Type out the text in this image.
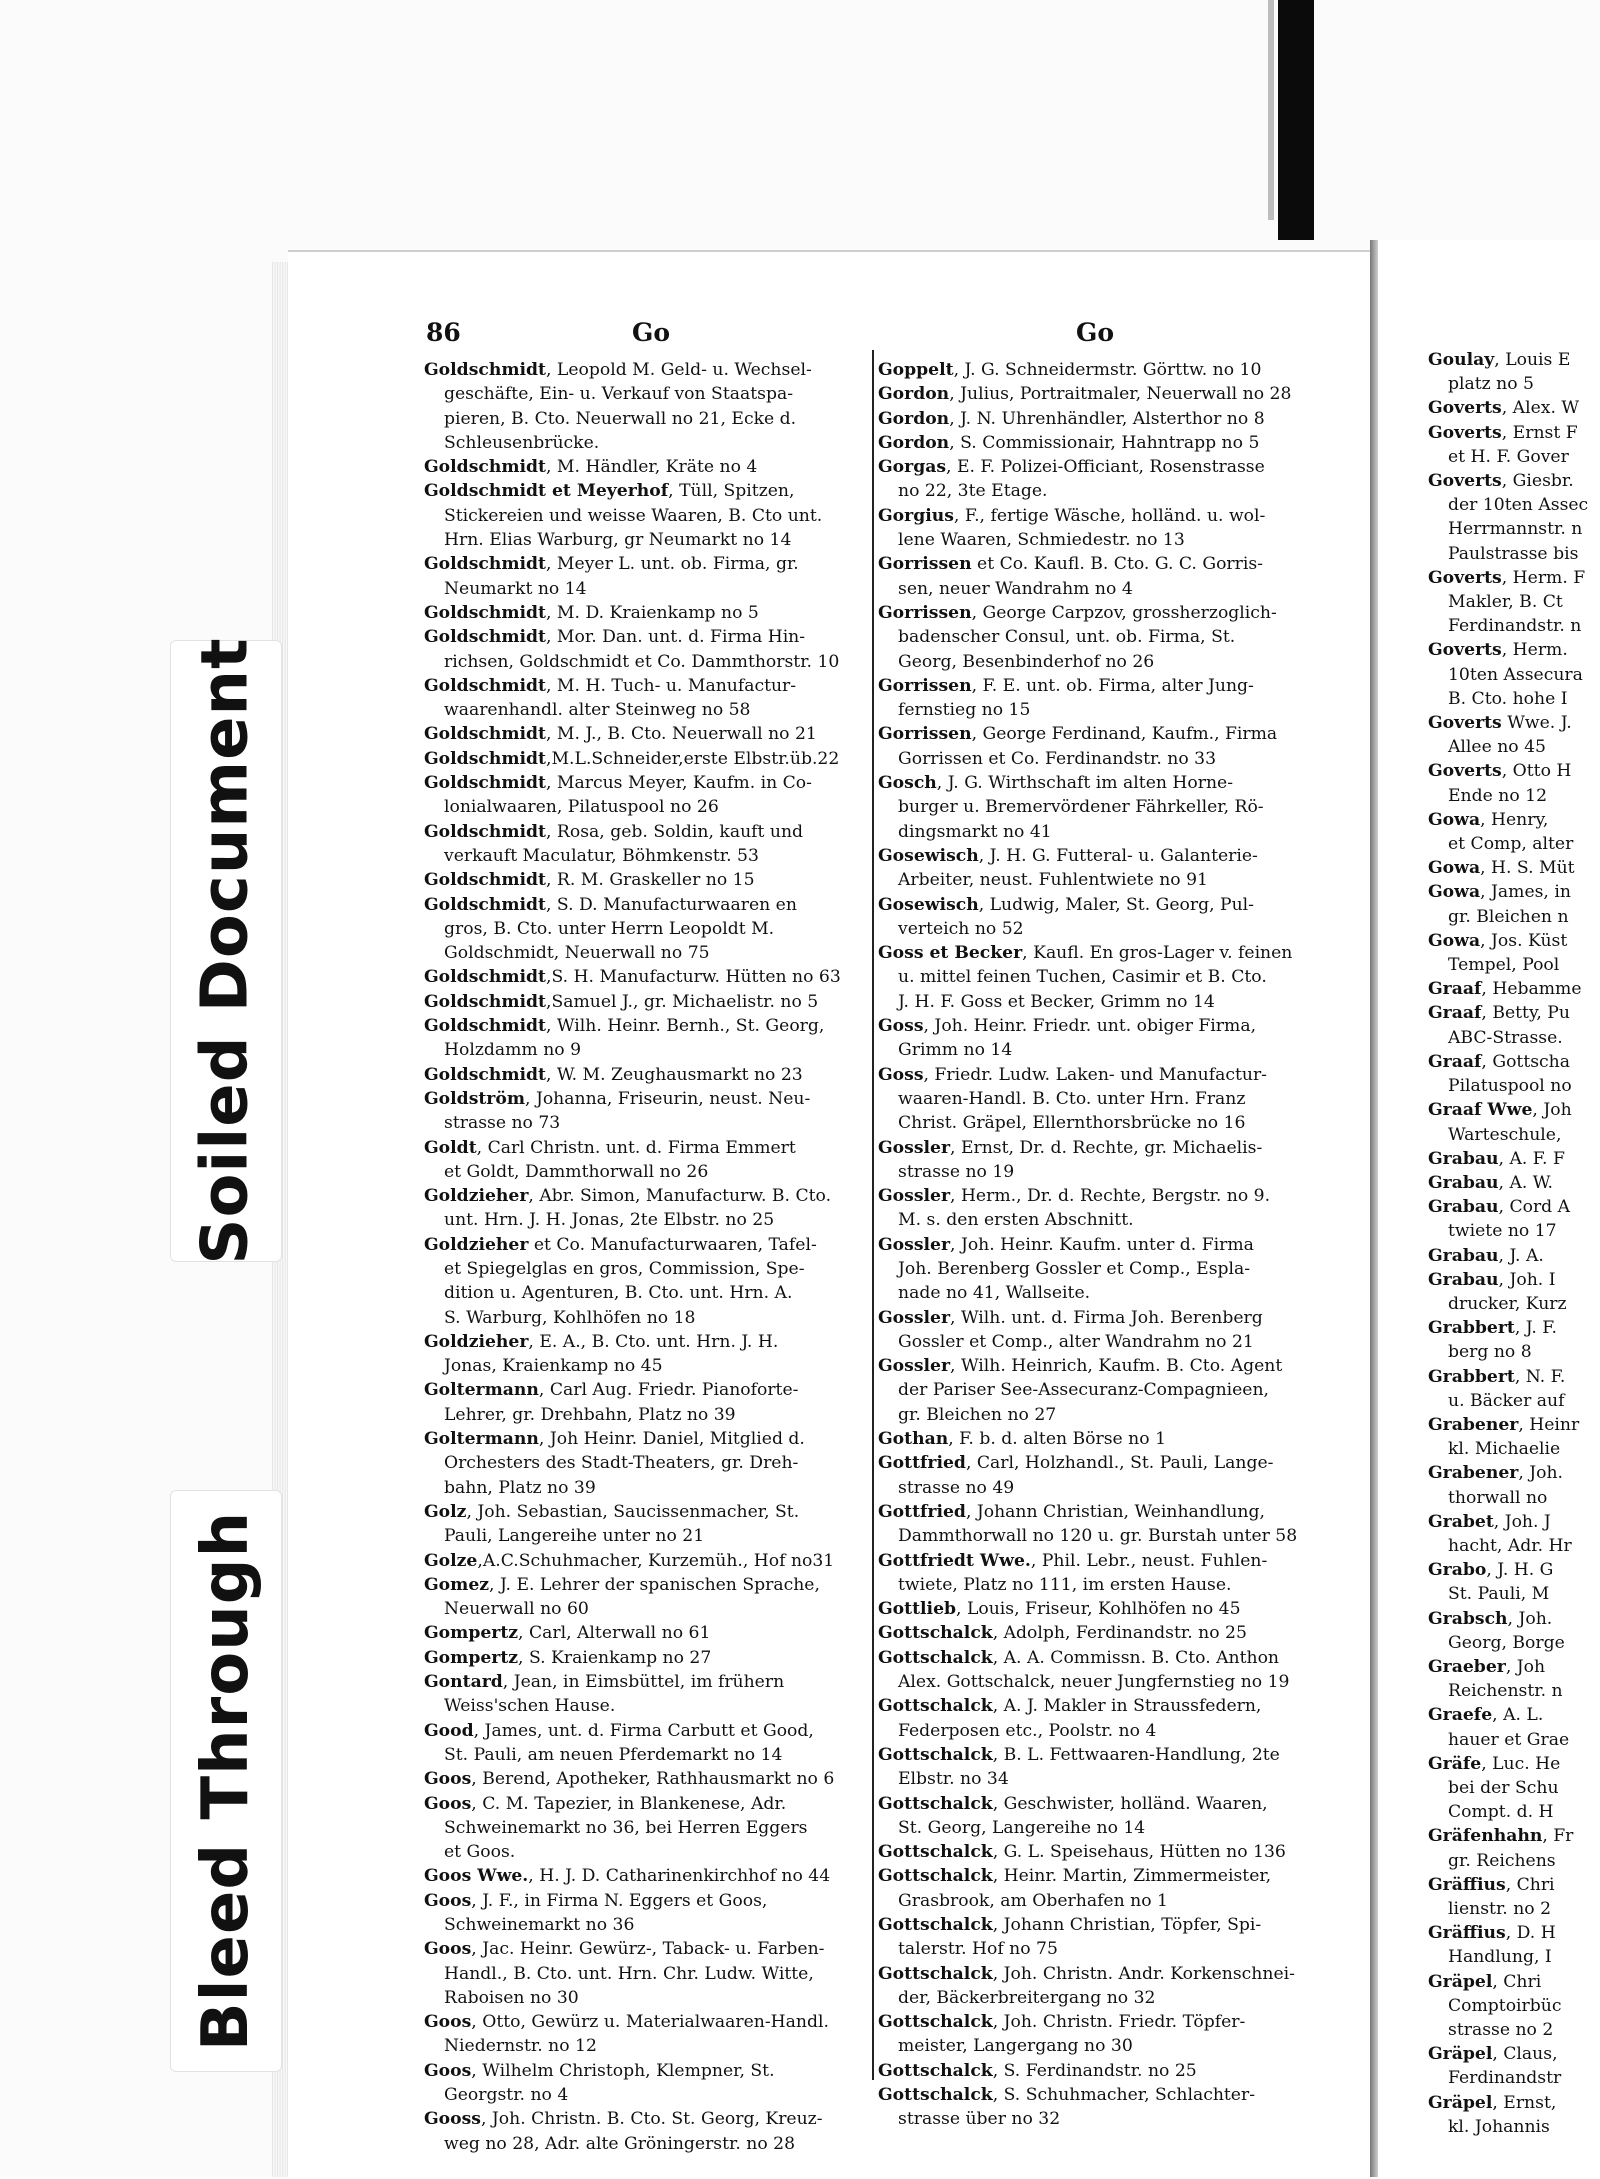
Soiled Document
Bleed Through
86	Go	Go
Goldschmidt, Leopold M. Geld- u. Wechsel-
geschäfte, Ein- u. Verkauf von Staatspa-
pieren, B. Cto. Neuerwall no 21, Ecke d.
Schleusenbrücke.
Goldschmidt, M. Händler, Kräte no 4
Goldschmidt et Meyerhof, Tüll, Spitzen,
Stickereien und weisse Waaren, B. Cto unt.
Hrn. Elias Warburg, gr Neumarkt no 14
Goldschmidt, Meyer L. unt. ob. Firma, gr.
Neumarkt no 14
Goldschmidt, M. D. Kraienkamp no 5
Goldschmidt, Mor. Dan. unt. d. Firma Hin-
richsen, Goldschmidt et Co. Dammthorstr. 10
Goldschmidt, M. H. Tuch- u. Manufactur-
waarenhandl. alter Steinweg no 58
Goldschmidt, M. J., B. Cto. Neuerwall no 21
Goldschmidt,M.L.Schneider,erste Elbstr.üb.22
Goldschmidt, Marcus Meyer, Kaufm. in Co-
lonialwaaren, Pilatuspool no 26
Goldschmidt, Rosa, geb. Soldin, kauft und
verkauft Maculatur, Böhmkenstr. 53
Goldschmidt, R. M. Graskeller no 15
Goldschmidt, S. D. Manufacturwaaren en
gros, B. Cto. unter Herrn Leopoldt M.
Goldschmidt, Neuerwall no 75
Goldschmidt,S. H. Manufacturw. Hütten no 63
Goldschmidt,Samuel J., gr. Michaelistr. no 5
Goldschmidt, Wilh. Heinr. Bernh., St. Georg,
Holzdamm no 9
Goldschmidt, W. M. Zeughausmarkt no 23
Goldström, Johanna, Friseurin, neust. Neu-
strasse no 73
Goldt, Carl Christn. unt. d. Firma Emmert
et Goldt, Dammthorwall no 26
Goldzieher, Abr. Simon, Manufacturw. B. Cto.
unt. Hrn. J. H. Jonas, 2te Elbstr. no 25
Goldzieher et Co. Manufacturwaaren, Tafel-
et Spiegelglas en gros, Commission, Spe-
dition u. Agenturen, B. Cto. unt. Hrn. A.
S. Warburg, Kohlhöfen no 18
Goldzieher, E. A., B. Cto. unt. Hrn. J. H.
Jonas, Kraienkamp no 45
Goltermann, Carl Aug. Friedr. Pianoforte-
Lehrer, gr. Drehbahn, Platz no 39
Goltermann, Joh Heinr. Daniel, Mitglied d.
Orchesters des Stadt-Theaters, gr. Dreh-
bahn, Platz no 39
Golz, Joh. Sebastian, Saucissenmacher, St.
Pauli, Langereihe unter no 21
Golze,A.C.Schuhmacher, Kurzemüh., Hof no31
Gomez, J. E. Lehrer der spanischen Sprache,
Neuerwall no 60
Gompertz, Carl, Alterwall no 61
Gompertz, S. Kraienkamp no 27
Gontard, Jean, in Eimsbüttel, im frühern
Weiss'schen Hause.
Good, James, unt. d. Firma Carbutt et Good,
St. Pauli, am neuen Pferdemarkt no 14
Goos, Berend, Apotheker, Rathhausmarkt no 6
Goos, C. M. Tapezier, in Blankenese, Adr.
Schweinemarkt no 36, bei Herren Eggers
et Goos.
Goos Wwe., H. J. D. Catharinenkirchhof no 44
Goos, J. F., in Firma N. Eggers et Goos,
Schweinemarkt no 36
Goos, Jac. Heinr. Gewürz-, Taback- u. Farben-
Handl., B. Cto. unt. Hrn. Chr. Ludw. Witte,
Raboisen no 30
Goos, Otto, Gewürz u. Materialwaaren-Handl.
Niedernstr. no 12
Goos, Wilhelm Christoph, Klempner, St.
Georgstr. no 4
Gooss, Joh. Christn. B. Cto. St. Georg, Kreuz-
weg no 28, Adr. alte Gröningerstr. no 28
Goppelt, J. G. Schneidermstr. Görttw. no 10
Gordon, Julius, Portraitmaler, Neuerwall no 28
Gordon, J. N. Uhrenhändler, Alsterthor no 8
Gordon, S. Commissionair, Hahntrapp no 5
Gorgas, E. F. Polizei-Officiant, Rosenstrasse
no 22, 3te Etage.
Gorgius, F., fertige Wäsche, holländ. u. wol-
lene Waaren, Schmiedestr. no 13
Gorrissen et Co. Kaufl. B. Cto. G. C. Gorris-
sen, neuer Wandrahm no 4
Gorrissen, George Carpzov, grossherzoglich-
badenscher Consul, unt. ob. Firma, St.
Georg, Besenbinderhof no 26
Gorrissen, F. E. unt. ob. Firma, alter Jung-
fernstieg no 15
Gorrissen, George Ferdinand, Kaufm., Firma
Gorrissen et Co. Ferdinandstr. no 33
Gosch, J. G. Wirthschaft im alten Horne-
burger u. Bremervördener Fährkeller, Rö-
dingsmarkt no 41
Gosewisch, J. H. G. Futteral- u. Galanterie-
Arbeiter, neust. Fuhlentwiete no 91
Gosewisch, Ludwig, Maler, St. Georg, Pul-
verteich no 52
Goss et Becker, Kaufl. En gros-Lager v. feinen
u. mittel feinen Tuchen, Casimir et B. Cto.
J. H. F. Goss et Becker, Grimm no 14
Goss, Joh. Heinr. Friedr. unt. obiger Firma,
Grimm no 14
Goss, Friedr. Ludw. Laken- und Manufactur-
waaren-Handl. B. Cto. unter Hrn. Franz
Christ. Gräpel, Ellernthorsbrücke no 16
Gossler, Ernst, Dr. d. Rechte, gr. Michaelis-
strasse no 19
Gossler, Herm., Dr. d. Rechte, Bergstr. no 9.
M. s. den ersten Abschnitt.
Gossler, Joh. Heinr. Kaufm. unter d. Firma
Joh. Berenberg Gossler et Comp., Espla-
nade no 41, Wallseite.
Gossler, Wilh. unt. d. Firma Joh. Berenberg
Gossler et Comp., alter Wandrahm no 21
Gossler, Wilh. Heinrich, Kaufm. B. Cto. Agent
der Pariser See-Assecuranz-Compagnieen,
gr. Bleichen no 27
Gothan, F. b. d. alten Börse no 1
Gottfried, Carl, Holzhandl., St. Pauli, Lange-
strasse no 49
Gottfried, Johann Christian, Weinhandlung,
Dammthorwall no 120 u. gr. Burstah unter 58
Gottfriedt Wwe., Phil. Lebr., neust. Fuhlen-
twiete, Platz no 111, im ersten Hause.
Gottlieb, Louis, Friseur, Kohlhöfen no 45
Gottschalck, Adolph, Ferdinandstr. no 25
Gottschalck, A. A. Commissn. B. Cto. Anthon
Alex. Gottschalck, neuer Jungfernstieg no 19
Gottschalck, A. J. Makler in Straussfedern,
Federposen etc., Poolstr. no 4
Gottschalck, B. L. Fettwaaren-Handlung, 2te
Elbstr. no 34
Gottschalck, Geschwister, holländ. Waaren,
St. Georg, Langereihe no 14
Gottschalck, G. L. Speisehaus, Hütten no 136
Gottschalck, Heinr. Martin, Zimmermeister,
Grasbrook, am Oberhafen no 1
Gottschalck, Johann Christian, Töpfer, Spi-
talerstr. Hof no 75
Gottschalck, Joh. Christn. Andr. Korkenschnei-
der, Bäckerbreitergang no 32
Gottschalck, Joh. Christn. Friedr. Töpfer-
meister, Langergang no 30
Gottschalck, S. Ferdinandstr. no 25
Gottschalck, S. Schuhmacher, Schlachter-
strasse über no 32
Goulay, Louis E
platz no 5
Goverts, Alex. W
Goverts, Ernst F
et H. F. Gover
Goverts, Giesbr.
der 10ten Assec
Herrmannstr. n
Paulstrasse bis
Goverts, Herm. F
Makler, B. Ct
Ferdinandstr. n
Goverts, Herm.
10ten Assecura
B. Cto. hohe I
Goverts Wwe. J.
Allee no 45
Goverts, Otto H
Ende no 12
Gowa, Henry,
et Comp, alter
Gowa, H. S. Müt
Gowa, James, in
gr. Bleichen n
Gowa, Jos. Küst
Tempel, Pool
Graaf, Hebamme
Graaf, Betty, Pu
ABC-Strasse.
Graaf, Gottscha
Pilatuspool no
Graaf Wwe, Joh
Warteschule,
Grabau, A. F. F
Grabau, A. W.
Grabau, Cord A
twiete no 17
Grabau, J. A.
Grabau, Joh. I
drucker, Kurz
Grabbert, J. F.
berg no 8
Grabbert, N. F.
u. Bäcker auf
Grabener, Heinr
kl. Michaelie
Grabener, Joh.
thorwall no
Grabet, Joh. J
hacht, Adr. Hr
Grabo, J. H. G
St. Pauli, M
Grabsch, Joh.
Georg, Borge
Graeber, Joh
Reichenstr. n
Graefe, A. L.
hauer et Grae
Gräfe, Luc. He
bei der Schu
Compt. d. H
Gräfenhahn, Fr
gr. Reichens
Gräffius, Chri
lienstr. no 2
Gräffius, D. H
Handlung, I
Gräpel, Chri
Comptoirbüc
strasse no 2
Gräpel, Claus,
Ferdinandstr
Gräpel, Ernst,
kl. Johannis
